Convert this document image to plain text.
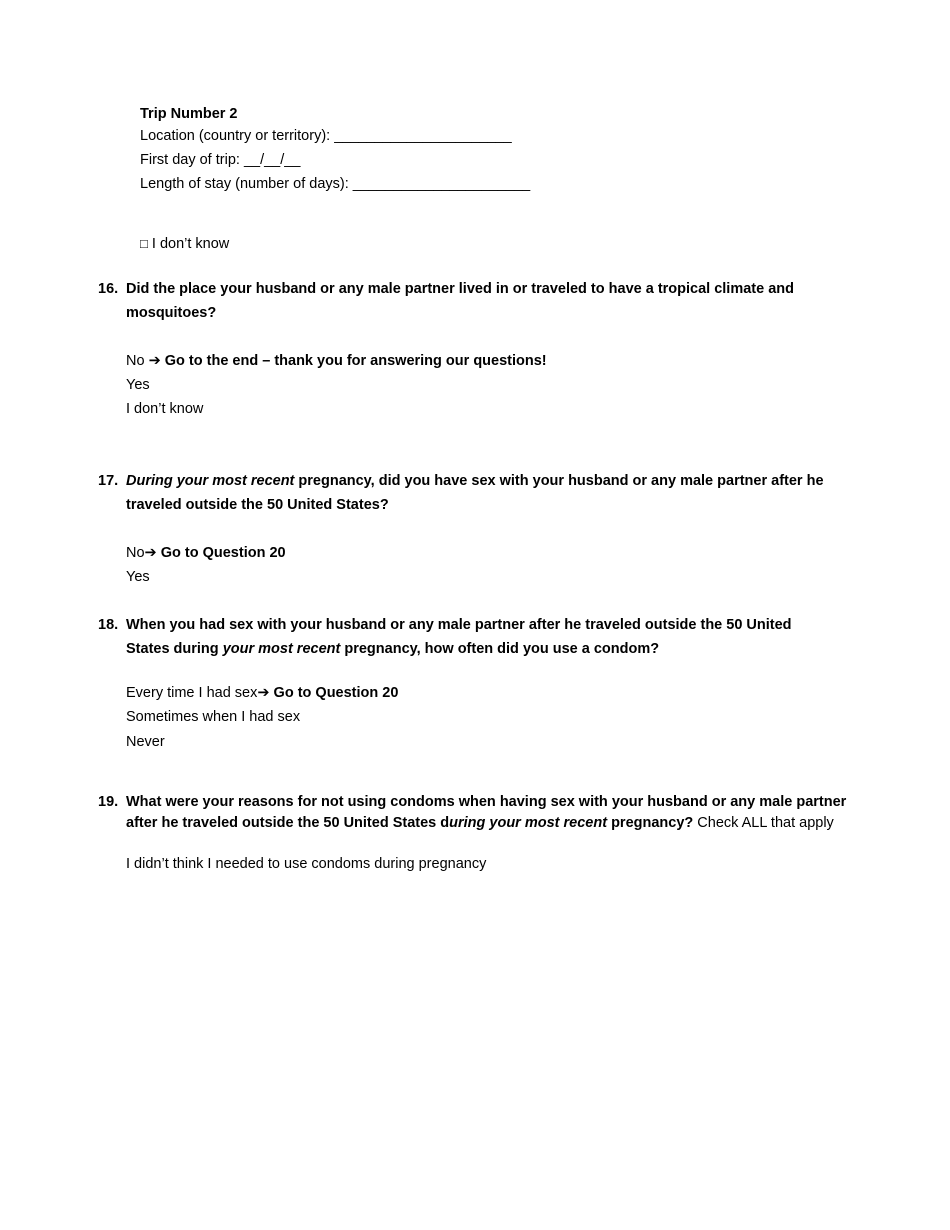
Trip Number 2
Location (country or territory): ______________________
First day of trip: __/__/__
Length of stay (number of days): ______________________
□ I don’t know
16. Did the place your husband or any male partner lived in or traveled to have a tropical climate and
mosquitoes?
No ➔ Go to the end – thank you for answering our questions!
Yes
I don’t know
17. During your most recent pregnancy, did you have sex with your husband or any male partner after he
traveled outside the 50 United States?
No➔ Go to Question 20
Yes
18. When you had sex with your husband or any male partner after he traveled outside the 50 United
States during your most recent pregnancy, how often did you use a condom?
Every time I had sex➔ Go to Question 20
Sometimes when I had sex
Never
19. What were your reasons for not using condoms when having sex with your husband or any male partner
after he traveled outside the 50 United States during your most recent pregnancy? Check ALL that apply
I didn’t think I needed to use condoms during pregnancy
